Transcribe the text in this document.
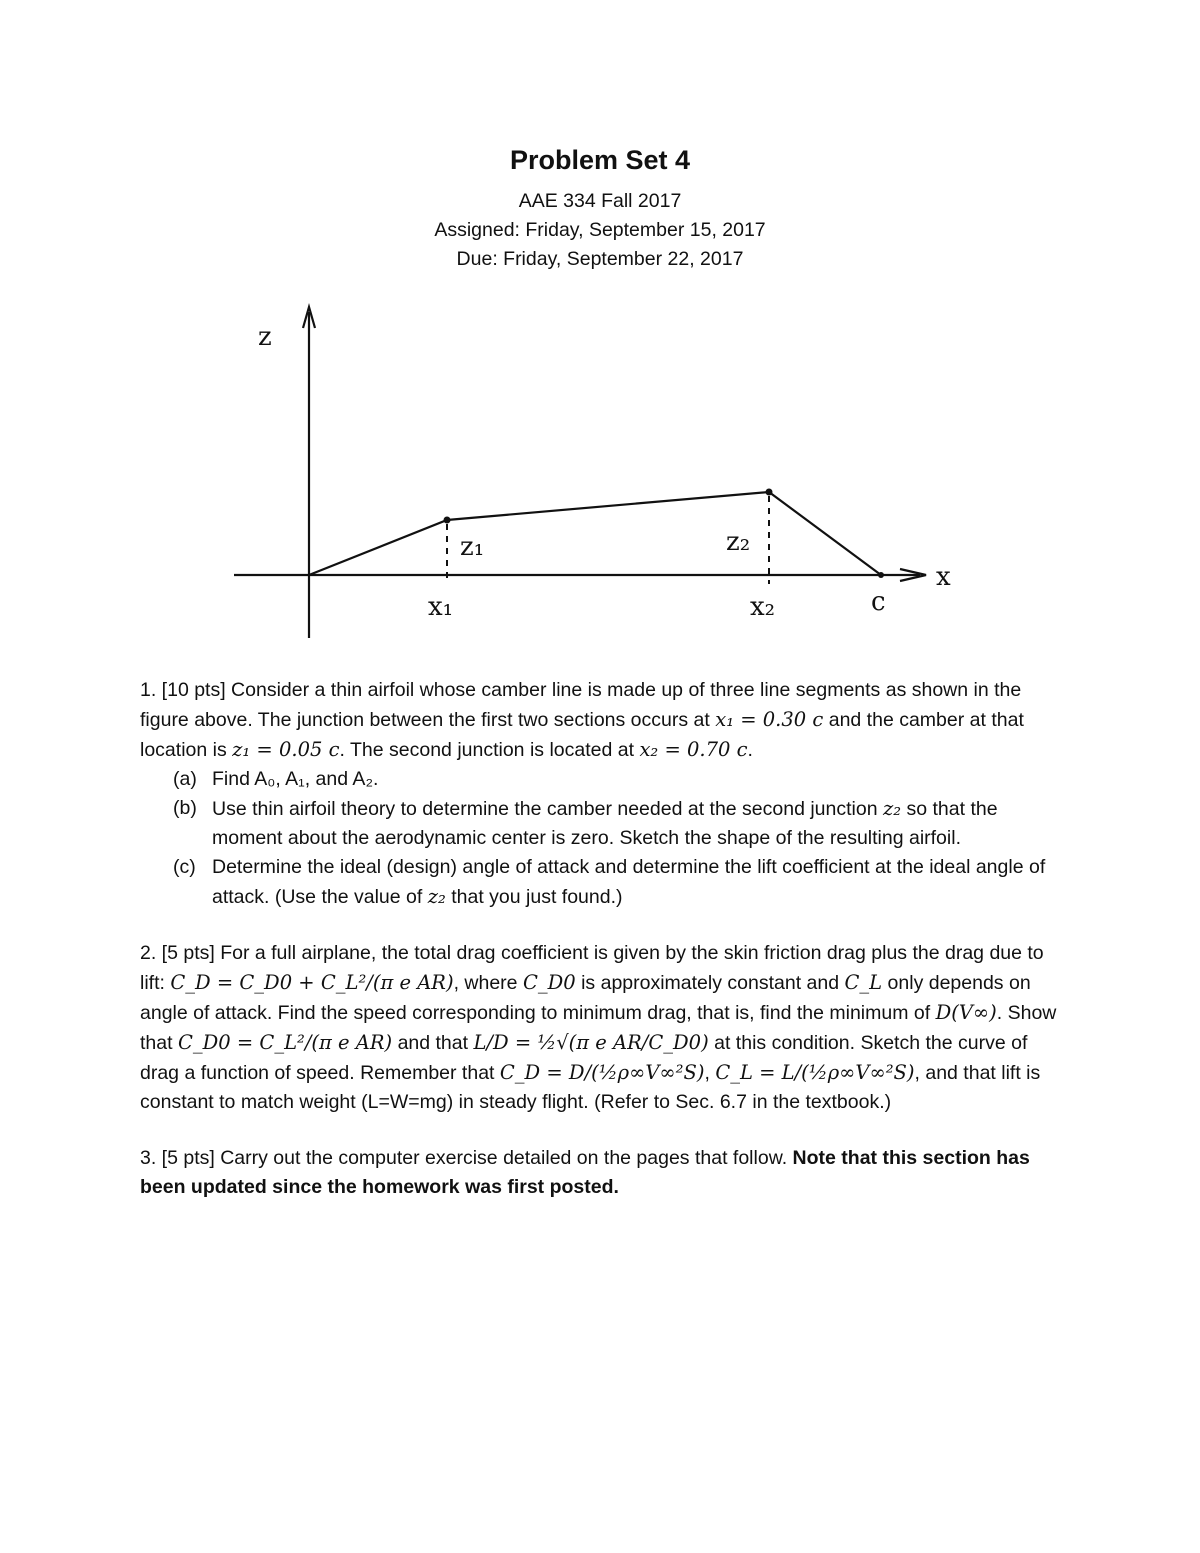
Problem Set 4
AAE 334 Fall 2017
Assigned: Friday, September 15, 2017
Due: Friday, September 22, 2017
z
x
z₁	z₂
x₁	x₂	c
1. [10 pts] Consider a thin airfoil whose camber line is made up of three line segments as shown in the figure above. The junction between the first two sections occurs at x₁ = 0.30 c and the camber at that location is z₁ = 0.05 c. The second junction is located at x₂ = 0.70 c.
(a) Find A₀, A₁, and A₂.
(b) Use thin airfoil theory to determine the camber needed at the second junction z₂ so that the moment about the aerodynamic center is zero. Sketch the shape of the resulting airfoil.
(c) Determine the ideal (design) angle of attack and determine the lift coefficient at the ideal angle of attack. (Use the value of z₂ that you just found.)
2. [5 pts] For a full airplane, the total drag coefficient is given by the skin friction drag plus the drag due to lift: C_D = C_D0 + C_L²/(π e AR), where C_D0 is approximately constant and C_L only depends on angle of attack. Find the speed corresponding to minimum drag, that is, find the minimum of D(V∞). Show that C_D0 = C_L²/(π e AR) and that L/D = ½√(π e AR/C_D0) at this condition. Sketch the curve of drag a function of speed. Remember that C_D = D/(½ρ∞V∞²S), C_L = L/(½ρ∞V∞²S), and that lift is constant to match weight (L=W=mg) in steady flight. (Refer to Sec. 6.7 in the textbook.)
3. [5 pts] Carry out the computer exercise detailed on the pages that follow. Note that this section has been updated since the homework was first posted.
